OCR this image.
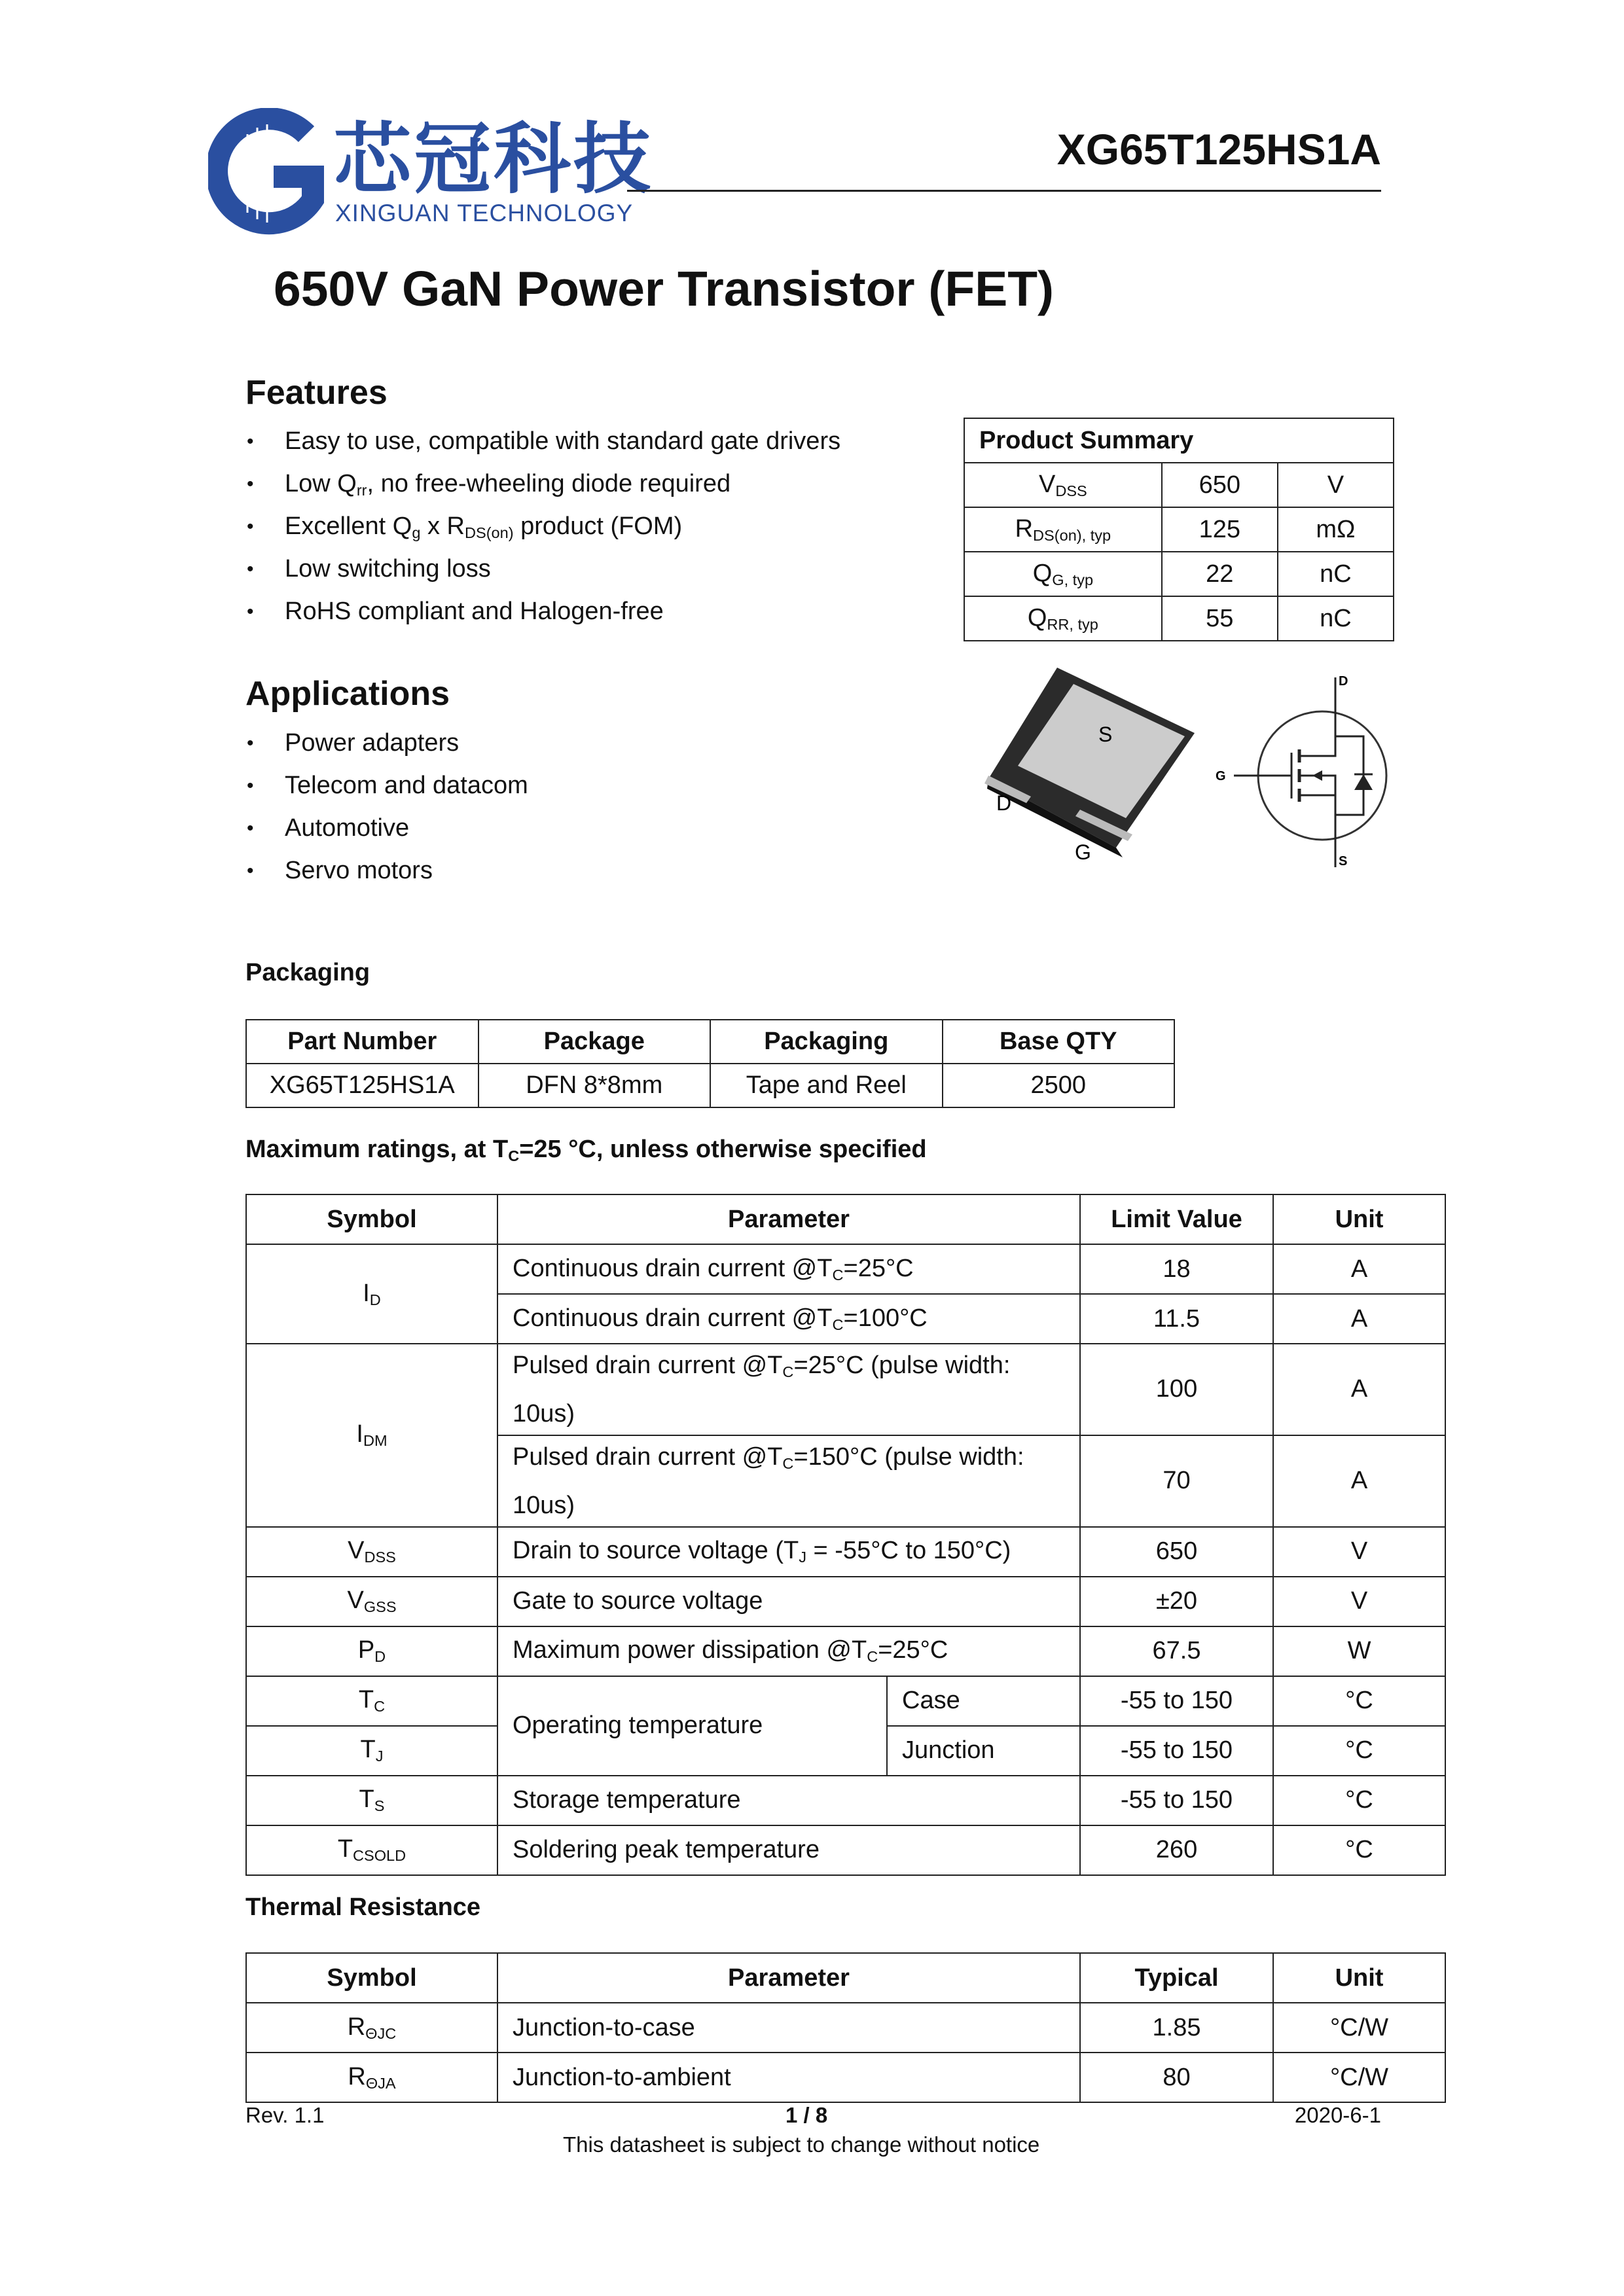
芯冠科技
XINGUAN TECHNOLOGY
XG65T125HS1A
650V GaN Power Transistor (FET)
Features
• Easy to use, compatible with standard gate drivers
• Low $Q_{rr}$, no free-wheeling diode required
• Excellent $Q_g$ x $R_{DS(on)}$ product (FOM)
• Low switching loss
• RoHS compliant and Halogen-free
Product Summary		
$V_{DSS}$	650	V
$R_{DS(on), typ}$	125	mΩ
$Q_{G, typ}$	22	nC
$Q_{RR, typ}$	55	nC
Applications
• Power adapters
• Telecom and datacom
• Automotive
• Servo motors
S
D
G
D
G
S
Packaging
Part Number	Package	Packaging	Base QTY
XG65T125HS1A	DFN 8*8mm	Tape and Reel	2500
Maximum ratings, at $T_C=25$ °C, unless otherwise specified
Symbol	Parameter		Limit Value	Unit
$I_D$	Continuous drain current $@T_C=25^\circ C$		18	A
	Continuous drain current $@T_C=100^\circ C$		11.5	A
$I_{DM}$	Pulsed drain current $@T_C=25^\circ C$ (pulse width:
10us)		100	A
	Pulsed drain current $@T_C=150^\circ C$ (pulse width:
10us)		70	A
$V_{DSS}$	Drain to source voltage ($T_J = -55^\circ C$ to 150°C)		650	V
$V_{GSS}$	Gate to source voltage		±20	V
$P_D$	Maximum power dissipation $@T_C=25^\circ C$		67.5	W
$T_C$	Operating temperature	Case	-55 to 150	°C
$T_J$		Junction	-55 to 150	°C
$T_S$	Storage temperature		-55 to 150	°C
$T_{CSOLD}$	Soldering peak temperature		260	°C
Thermal Resistance
Symbol	Parameter	Typical	Unit
$R_{\Theta JC}$	Junction-to-case	1.85	°C/W
$R_{\Theta JA}$	Junction-to-ambient	80	°C/W
Rev. 1.1	1 / 8	2020-6-1
This datasheet is subject to change without notice
